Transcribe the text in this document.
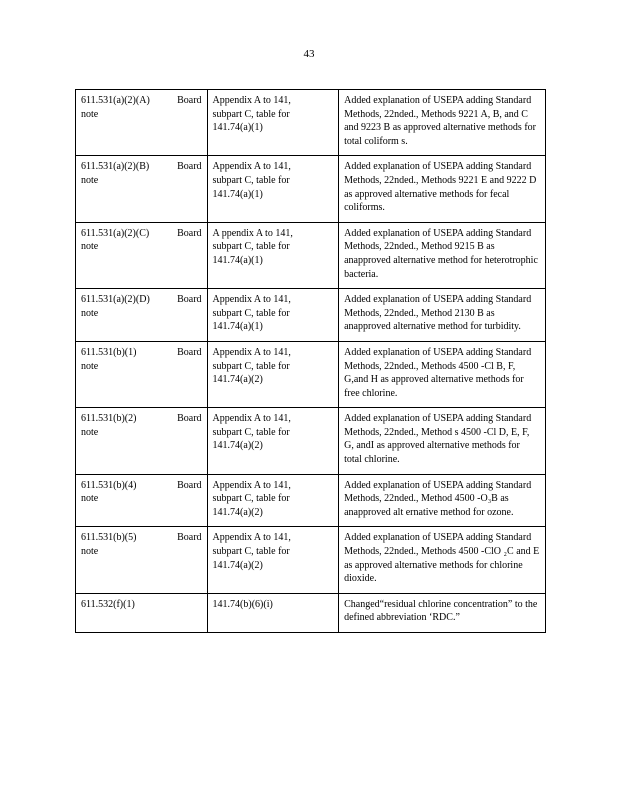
43
611.531(a)(2)(A) Board
note	Appendix A to 141,
subpart C, table for
141.74(a)(1)	Added explanation of USEPA adding Standard Methods, 22nded., Methods 9221 A, B, and C and 9223 B as approved alternative methods for total coliform s.

611.531(a)(2)(B) Board
note	Appendix A to 141,
subpart C, table for
141.74(a)(1)	Added explanation of USEPA adding Standard Methods, 22nded., Methods 9221 E and 9222 D as approved alternative methods for fecal coliforms.

611.531(a)(2)(C) Board
note	A ppendix A to 141,
subpart C, table for
141.74(a)(1)	Added explanation of USEPA adding Standard Methods, 22nded., Method 9215 B as anapproved alternative method for heterotrophic bacteria.

611.531(a)(2)(D) Board
note	Appendix A to 141,
subpart C, table for
141.74(a)(1)	Added explanation of USEPA adding Standard Methods, 22nded., Method 2130 B as anapproved alternative method for turbidity.

611.531(b)(1) Board
note	Appendix A to 141,
subpart C, table for
141.74(a)(2)	Added explanation of USEPA adding Standard Methods, 22nded., Methods 4500 -Cl B, F, G,and H as approved alternative methods for free chlorine.

611.531(b)(2) Board
note	Appendix A to 141,
subpart C, table for
141.74(a)(2)	Added explanation of USEPA adding Standard Methods, 22nded., Method s 4500 -Cl D, E, F, G, andI as approved alternative methods for total chlorine.

611.531(b)(4) Board
note	Appendix A to 141,
subpart C, table for
141.74(a)(2)	Added explanation of USEPA adding Standard Methods, 22nded., Method 4500 -O₃B as anapproved alt ernative method for ozone.

611.531(b)(5) Board
note	Appendix A to 141,
subpart C, table for
141.74(a)(2)	Added explanation of USEPA adding Standard Methods, 22nded., Methods 4500 -ClO ₂C and E as approved alternative methods for chlorine dioxide.

611.532(f)(1)	141.74(b)(6)(i)	Changed“residual chlorine concentration” to the defined abbreviation ‘RDC.”
